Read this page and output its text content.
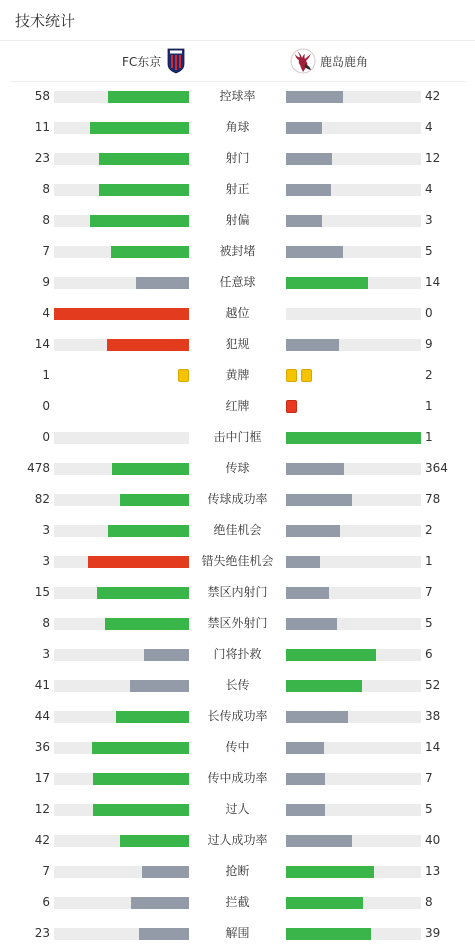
技术统计
FC东京	鹿岛鹿角
58	控球率	42
11	角球	4
23	射门	12
8	射正	4
8	射偏	3
7	被封堵	5
9	任意球	14
4	越位	0
14	犯规	9
1	黄牌	2
0	红牌	1
0	击中门框	1
478	传球	364
82	传球成功率	78
3	绝佳机会	2
3	错失绝佳机会	1
15	禁区内射门	7
8	禁区外射门	5
3	门将扑救	6
41	长传	52
44	长传成功率	38
36	传中	14
17	传中成功率	7
12	过人	5
42	过人成功率	40
7	抢断	13
6	拦截	8
23	解围	39
